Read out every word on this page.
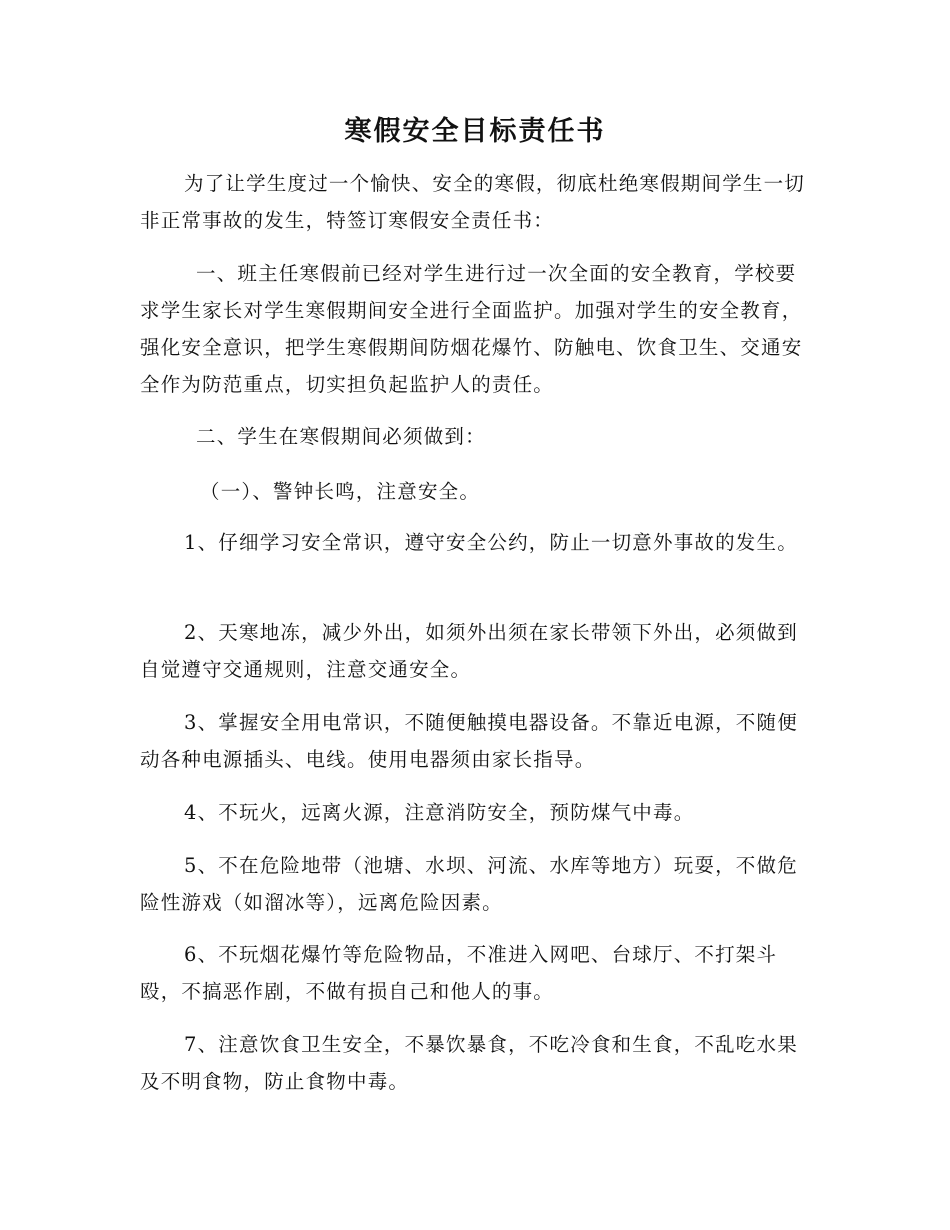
寒假安全目标责任书

为了让学生度过一个愉快、安全的寒假，彻底杜绝寒假期间学生一切非正常事故的发生，特签订寒假安全责任书：

一、班主任寒假前已经对学生进行过一次全面的安全教育，学校要求学生家长对学生寒假期间安全进行全面监护。加强对学生的安全教育，强化安全意识，把学生寒假期间防烟花爆竹、防触电、饮食卫生、交通安全作为防范重点，切实担负起监护人的责任。

二、学生在寒假期间必须做到：

（一）、警钟长鸣，注意安全。

1、仔细学习安全常识，遵守安全公约，防止一切意外事故的发生。

2、天寒地冻，减少外出，如须外出须在家长带领下外出，必须做到自觉遵守交通规则，注意交通安全。

3、掌握安全用电常识，不随便触摸电器设备。不靠近电源，不随便动各种电源插头、电线。使用电器须由家长指导。

4、不玩火，远离火源，注意消防安全，预防煤气中毒。

5、不在危险地带（池塘、水坝、河流、水库等地方）玩耍，不做危险性游戏（如溜冰等），远离危险因素。

6、不玩烟花爆竹等危险物品，不准进入网吧、台球厅、不打架斗殴，不搞恶作剧，不做有损自己和他人的事。

7、注意饮食卫生安全，不暴饮暴食，不吃冷食和生食，不乱吃水果及不明食物，防止食物中毒。
